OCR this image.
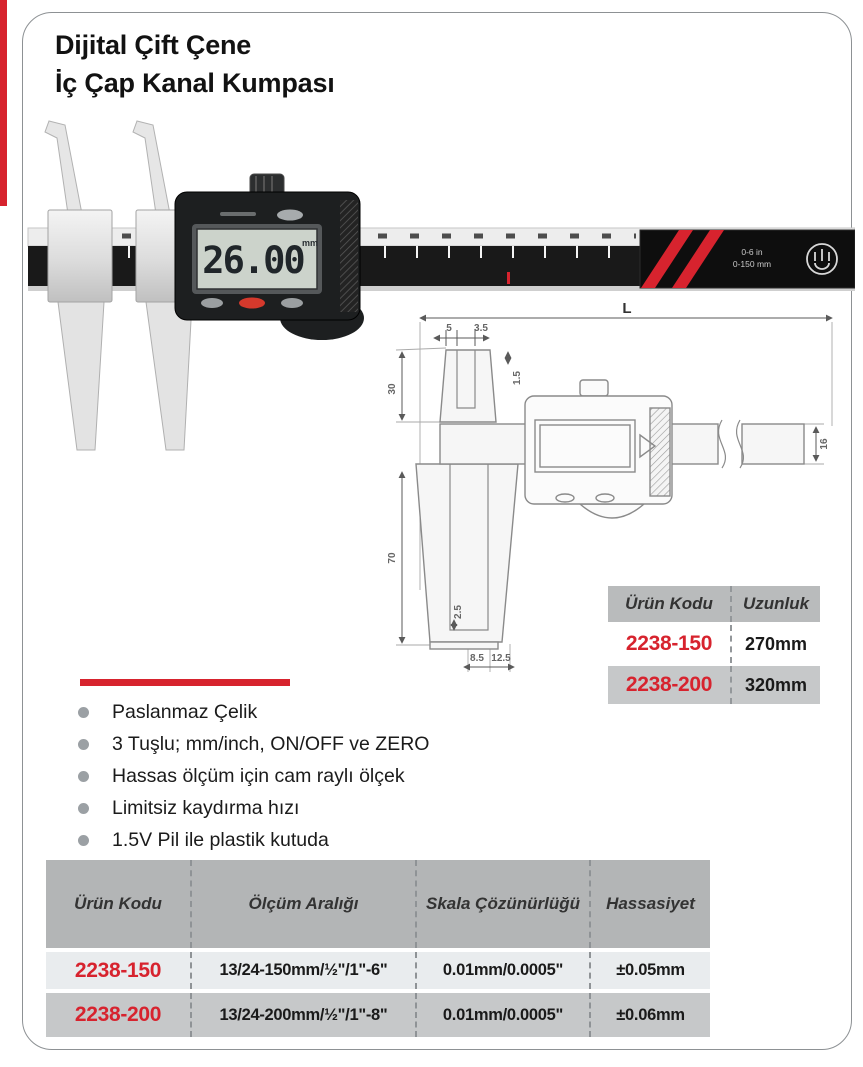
Dijital Çift Çene
İç Çap Kanal Kumpası
0-6 in
0-150 mm
26.00
mm
L
5 3.5
1.5
30
70
2.5
8.5 12.5
16
Ürün Kodu	Uzunluk
2238-150	270mm
2238-200	320mm
Paslanmaz Çelik
3 Tuşlu; mm/inch, ON/OFF ve ZERO
Hassas ölçüm için cam raylı ölçek
Limitsiz kaydırma hızı
1.5V Pil ile plastik kutuda
Ürün Kodu	Ölçüm Aralığı	Skala Çözünürlüğü	Hassasiyet
2238-150	13/24-150mm/½"/1"-6"	0.01mm/0.0005"	±0.05mm
2238-200	13/24-200mm/½"/1"-8"	0.01mm/0.0005"	±0.06mm
